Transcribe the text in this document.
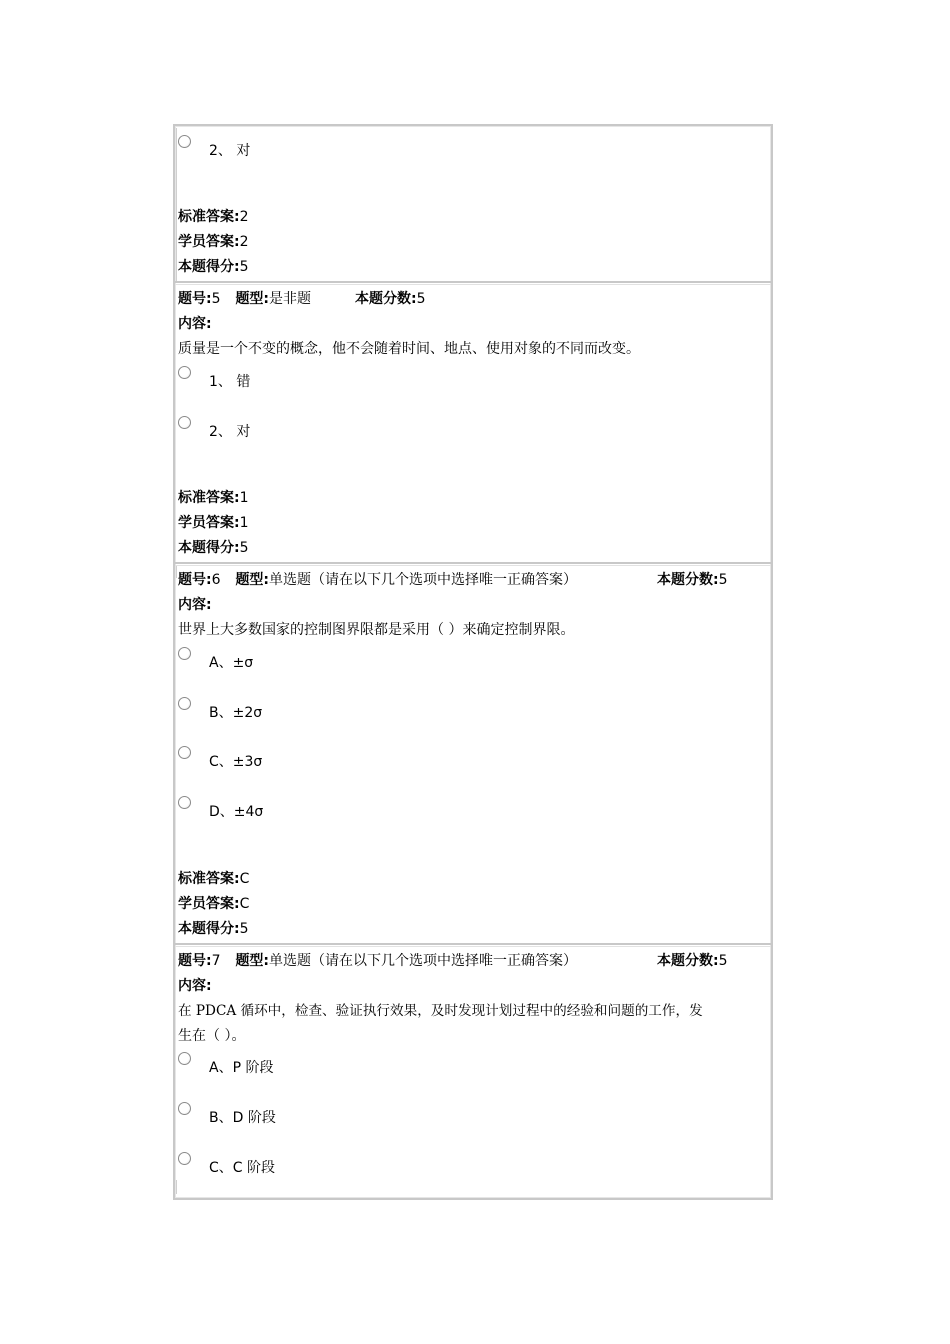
2、 对
标准答案:2
学员答案:2
本题得分:5
题号:5 题型:是非题	本题分数:5
内容:
质量是一个不变的概念，他不会随着时间、地点、使用对象的不同而改变。
1、 错
2、 对
标准答案:1
学员答案:1
本题得分:5
题号:6 题型:单选题（请在以下几个选项中选择唯一正确答案）	本题分数:5
内容:
世界上大多数国家的控制图界限都是采用（ ）来确定控制界限。
A、±σ
B、±2σ
C、±3σ
D、±4σ
标准答案:C
学员答案:C
本题得分:5
题号:7 题型:单选题（请在以下几个选项中选择唯一正确答案）	本题分数:5
内容:
在 PDCA 循环中，检查、验证执行效果，及时发现计划过程中的经验和问题的工作，发
生在（ ）。
A、P 阶段
B、D 阶段
C、C 阶段
